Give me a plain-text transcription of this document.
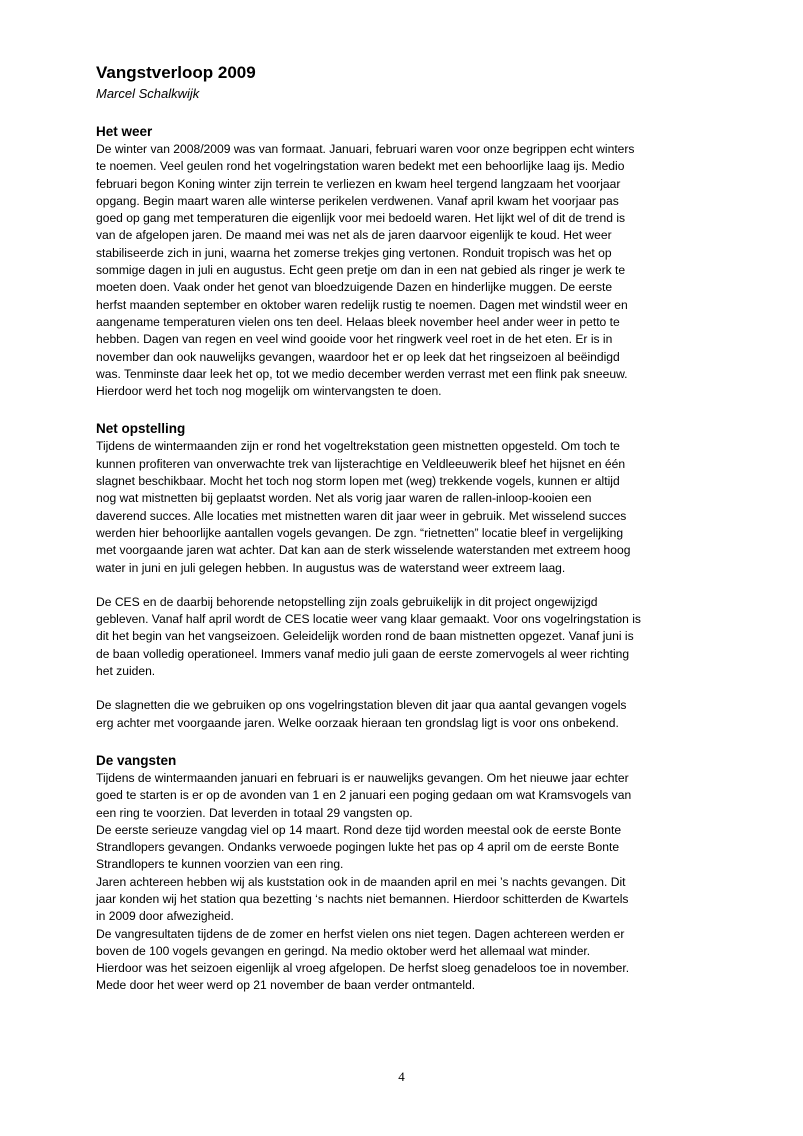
Vangstverloop 2009

Marcel Schalkwijk

Het weer

De winter van 2008/2009 was van formaat. Januari, februari waren voor onze begrippen echt winters
te noemen. Veel geulen rond het vogelringstation waren bedekt met een behoorlijke laag ijs. Medio
februari begon Koning winter zijn terrein te verliezen en kwam heel tergend langzaam het voorjaar
opgang. Begin maart waren alle winterse perikelen verdwenen. Vanaf april kwam het voorjaar pas
goed op gang met temperaturen die eigenlijk voor mei bedoeld waren. Het lijkt wel of dit de trend is
van de afgelopen jaren. De maand mei was net als de jaren daarvoor eigenlijk te koud. Het weer
stabiliseerde zich in juni, waarna het zomerse trekjes ging vertonen. Ronduit tropisch was het op
sommige dagen in juli en augustus. Echt geen pretje om dan in een nat gebied als ringer je werk te
moeten doen. Vaak onder het genot van bloedzuigende Dazen en hinderlijke muggen. De eerste
herfst maanden september en oktober waren redelijk rustig te noemen. Dagen met windstil weer en
aangename temperaturen vielen ons ten deel. Helaas bleek november heel ander weer in petto te
hebben. Dagen van regen en veel wind gooide voor het ringwerk veel roet in de het eten. Er is in
november dan ook nauwelijks gevangen, waardoor het er op leek dat het ringseizoen al beëindigd
was. Tenminste daar leek het op, tot we medio december werden verrast met een flink pak sneeuw.
Hierdoor werd het toch nog mogelijk om wintervangsten te doen.

Net opstelling

Tijdens de wintermaanden zijn er rond het vogeltrekstation geen mistnetten opgesteld. Om toch te
kunnen profiteren van onverwachte trek van lijsterachtige en Veldleeuwerik bleef het hijsnet en één
slagnet beschikbaar. Mocht het toch nog storm lopen met (weg) trekkende vogels, kunnen er altijd
nog wat mistnetten bij geplaatst worden. Net als vorig jaar waren de rallen-inloop-kooien een
daverend succes. Alle locaties met mistnetten waren dit jaar weer in gebruik. Met wisselend succes
werden hier behoorlijke aantallen vogels gevangen. De zgn. “rietnetten” locatie bleef in vergelijking
met voorgaande jaren wat achter. Dat kan aan de sterk wisselende waterstanden met extreem hoog
water in juni en juli gelegen hebben. In augustus was de waterstand weer extreem laag.

De CES en de daarbij behorende netopstelling zijn zoals gebruikelijk in dit project ongewijzigd
gebleven. Vanaf half april wordt de CES locatie weer vang klaar gemaakt. Voor ons vogelringstation is
dit het begin van het vangseizoen. Geleidelijk worden rond de baan mistnetten opgezet. Vanaf juni is
de baan volledig operationeel. Immers vanaf medio juli gaan de eerste zomervogels al weer richting
het zuiden.

De slagnetten die we gebruiken op ons vogelringstation bleven dit jaar qua aantal gevangen vogels
erg achter met voorgaande jaren. Welke oorzaak hieraan ten grondslag ligt is voor ons onbekend.

De vangsten

Tijdens de wintermaanden januari en februari is er nauwelijks gevangen. Om het nieuwe jaar echter
goed te starten is er op de avonden van 1 en 2 januari een poging gedaan om wat Kramsvogels van
een ring te voorzien. Dat leverden in totaal 29 vangsten op.
De eerste serieuze vangdag viel op 14 maart. Rond deze tijd worden meestal ook de eerste Bonte
Strandlopers gevangen. Ondanks verwoede pogingen lukte het pas op 4 april om de eerste Bonte
Strandlopers te kunnen voorzien van een ring.
Jaren achtereen hebben wij als kuststation ook in de maanden april en mei ’s nachts gevangen. Dit
jaar konden wij het station qua bezetting ‘s nachts niet bemannen. Hierdoor schitterden de Kwartels
in 2009 door afwezigheid.
De vangresultaten tijdens de de zomer en herfst vielen ons niet tegen. Dagen achtereen werden er
boven de 100 vogels gevangen en geringd. Na medio oktober werd het allemaal wat minder.
Hierdoor was het seizoen eigenlijk al vroeg afgelopen. De herfst sloeg genadeloos toe in november.
Mede door het weer werd op 21 november de baan verder ontmanteld.

4
